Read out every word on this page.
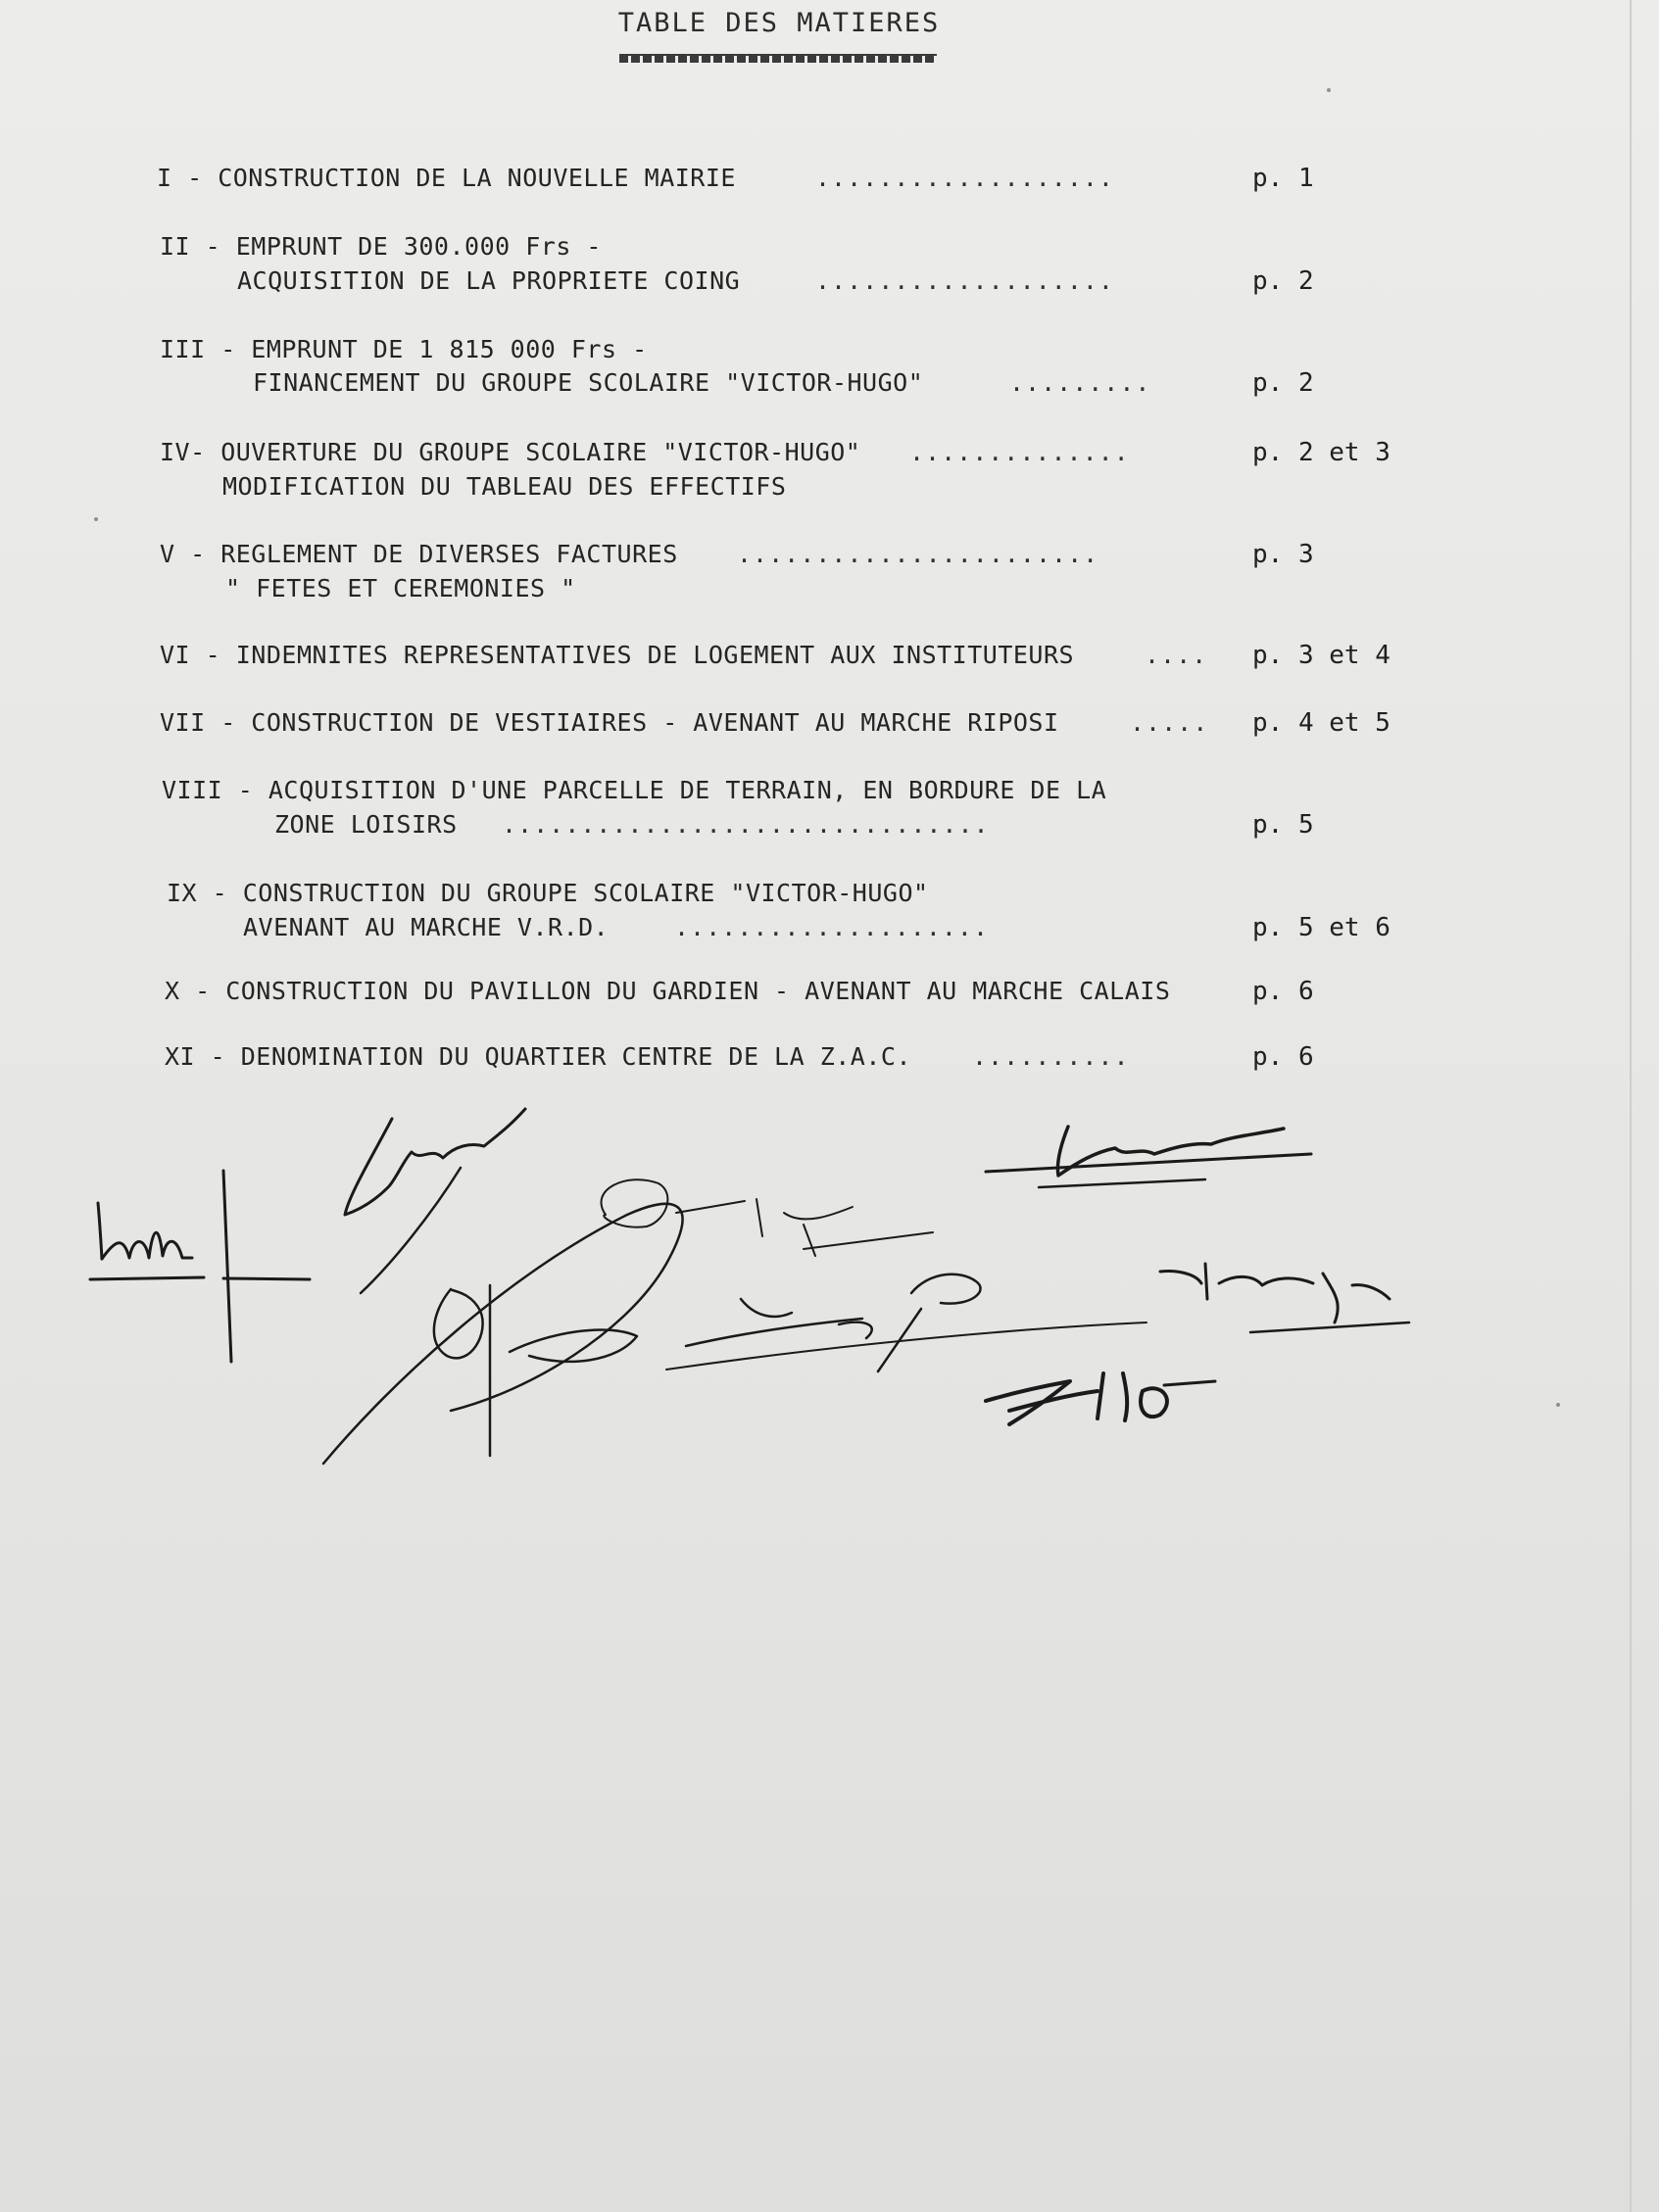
TABLE DES MATIERES
I - CONSTRUCTION DE LA NOUVELLE MAIRIE	...................	p. 1
II - EMPRUNT DE 300.000 Frs -
ACQUISITION DE LA PROPRIETE COING	...................	p. 2
III - EMPRUNT DE 1 815 000 Frs -
FINANCEMENT DU GROUPE SCOLAIRE "VICTOR-HUGO"	.........	p. 2
IV- OUVERTURE DU GROUPE SCOLAIRE "VICTOR-HUGO" ..............	p. 2 et 3
MODIFICATION DU TABLEAU DES EFFECTIFS
V - REGLEMENT DE DIVERSES FACTURES .......................	p. 3
" FETES ET CEREMONIES "
VI - INDEMNITES REPRESENTATIVES DE LOGEMENT AUX INSTITUTEURS	.... p. 3 et 4
VII - CONSTRUCTION DE VESTIAIRES - AVENANT AU MARCHE RIPOSI	..... p. 4 et 5
VIII - ACQUISITION D'UNE PARCELLE DE TERRAIN, EN BORDURE DE LA
ZONE LOISIRS ...............................	p. 5
IX - CONSTRUCTION DU GROUPE SCOLAIRE "VICTOR-HUGO"
AVENANT AU MARCHE V.R.D.	....................	p. 5 et 6
X - CONSTRUCTION DU PAVILLON DU GARDIEN - AVENANT AU MARCHE CALAIS	p. 6
XI - DENOMINATION DU QUARTIER CENTRE DE LA Z.A.C. ..........	p. 6
